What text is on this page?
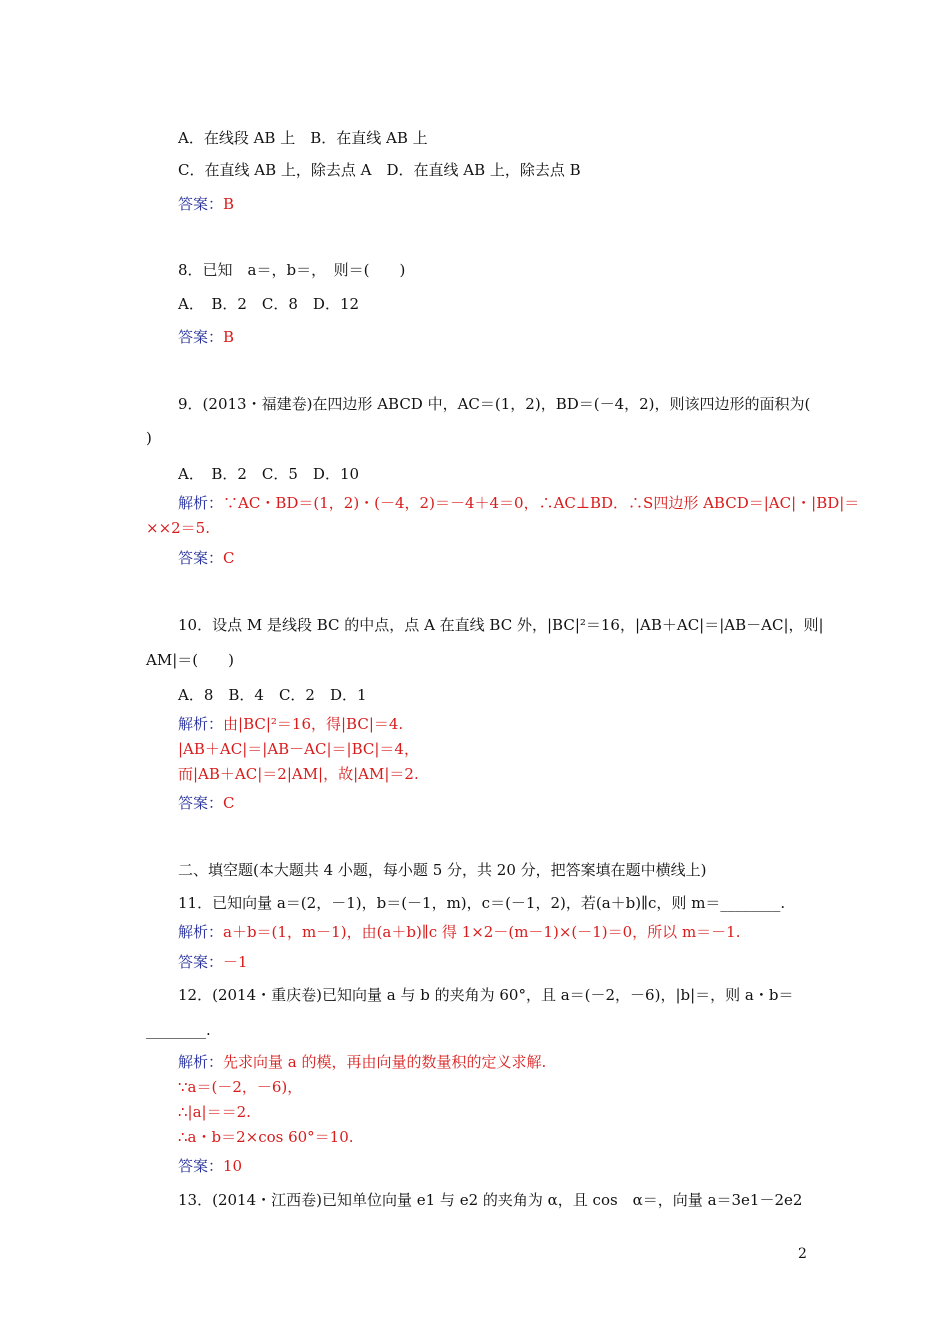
A．在线段 AB 上　B．在直线 AB 上
C．在直线 AB 上，除去点 A　D．在直线 AB 上，除去点 B
答案：B
8．已知　a＝，b＝，　则＝(　　)
A．　B．2　C．8　D．12
答案：B
9．(2013・福建卷)在四边形 ABCD 中，AC＝(1，2)，BD＝(－4，2)，则该四边形的面积为(
)
A．　B．2　C．5　D．10
解析：∵AC・BD＝(1，2)・(－4，2)＝－4＋4＝0，∴AC⊥BD．∴S四边形 ABCD＝|AC|・|BD|＝
××2＝5.
答案：C
10．设点 M 是线段 BC 的中点，点 A 在直线 BC 外，|BC|²＝16，|AB＋AC|＝|AB－AC|，则|
AM|＝(　　)
A．8　B．4　C．2　D．1
解析：由|BC|²＝16，得|BC|＝4.
|AB＋AC|＝|AB－AC|＝|BC|＝4，
而|AB＋AC|＝2|AM|，故|AM|＝2.
答案：C
二、填空题(本大题共 4 小题，每小题 5 分，共 20 分，把答案填在题中横线上)
11．已知向量 a＝(2，－1)，b＝(－1，m)，c＝(－1，2)，若(a＋b)∥c，则 m＝________.
解析：a＋b＝(1，m－1)，由(a＋b)∥c 得 1×2－(m－1)×(－1)＝0，所以 m＝－1.
答案：－1
12．(2014・重庆卷)已知向量 a 与 b 的夹角为 60°，且 a＝(－2，－6)，|b|＝，则 a・b＝
________.
解析：先求向量 a 的模，再由向量的数量积的定义求解.
∵a＝(－2，－6)，
∴|a|＝＝2.
∴a・b＝2×cos 60°＝10.
答案：10
13．(2014・江西卷)已知单位向量 e1 与 e2 的夹角为 α，且 cos　α＝，向量 a＝3e1－2e2
2
